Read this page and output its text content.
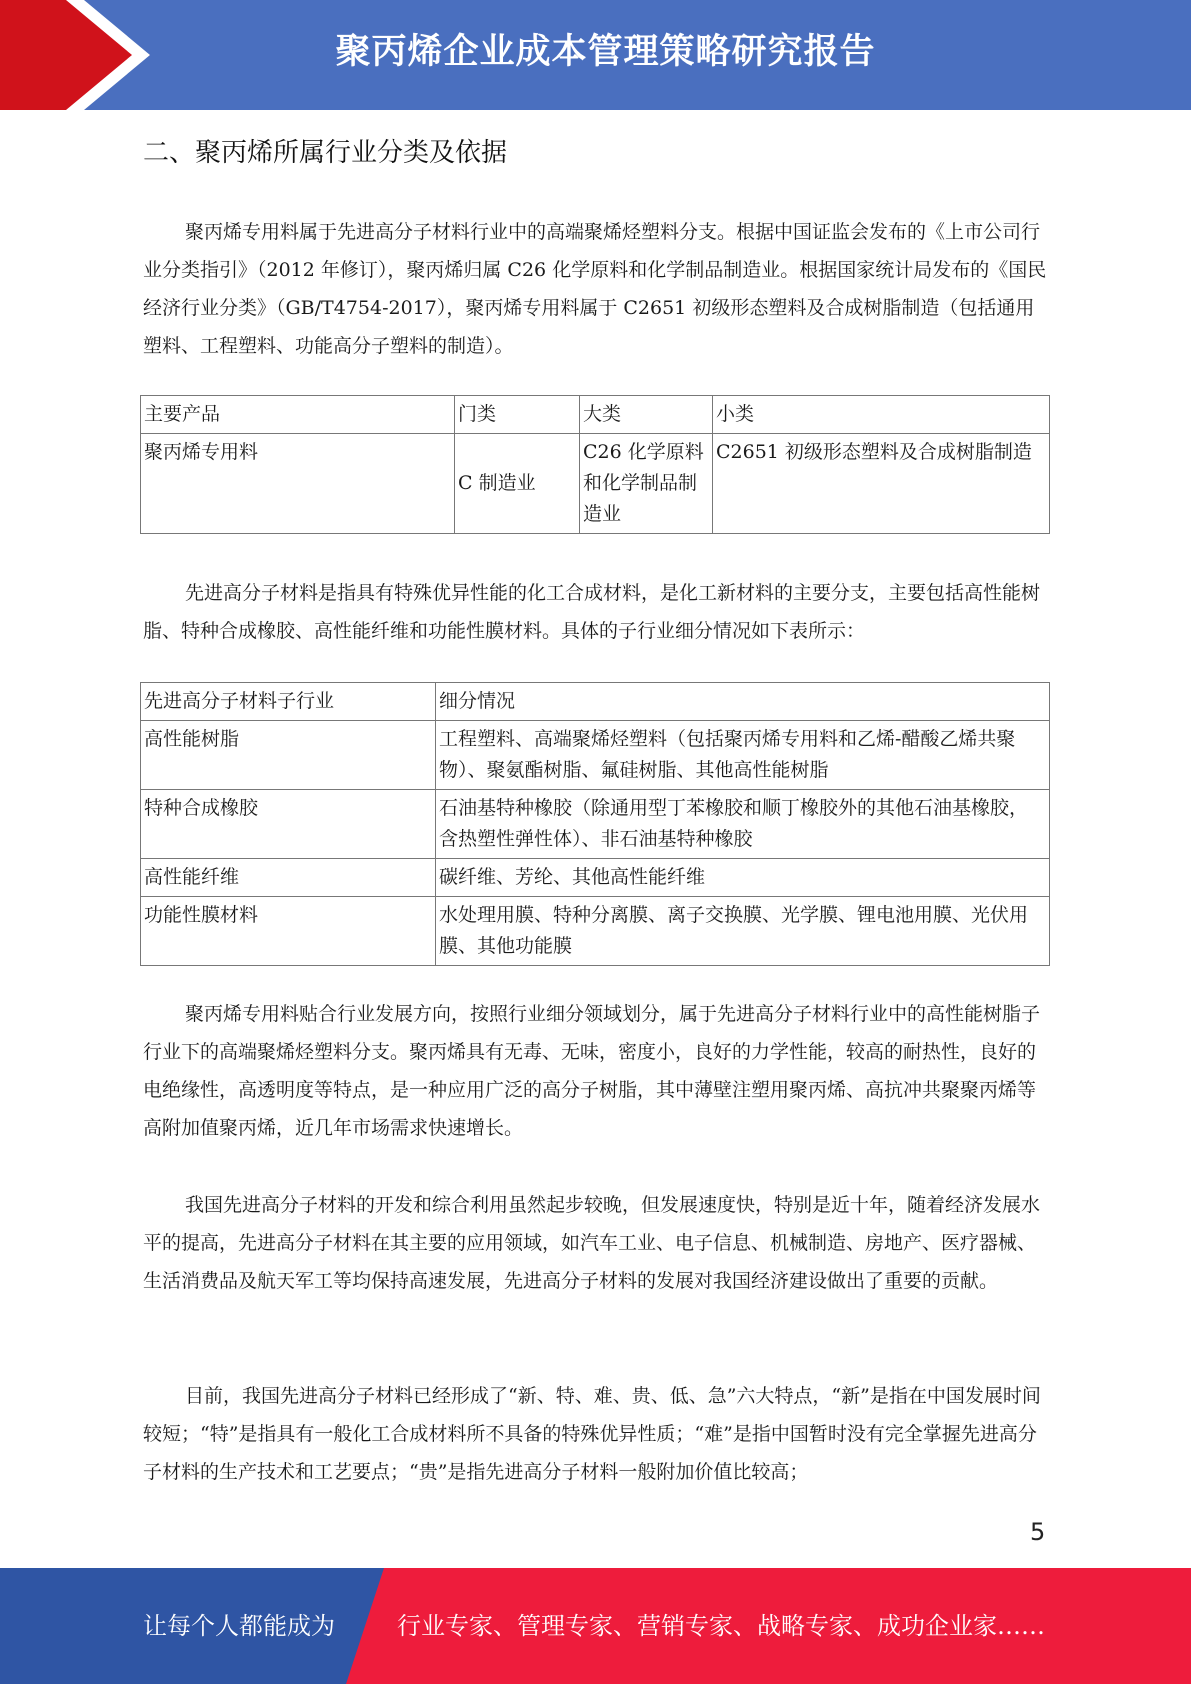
聚丙烯企业成本管理策略研究报告
二、聚丙烯所属行业分类及依据

聚丙烯专用料属于先进高分子材料行业中的高端聚烯烃塑料分支。根据中国证监会发布的《上市公司行业分类指引》（2012 年修订），聚丙烯归属 C26 化学原料和化学制品制造业。根据国家统计局发布的《国民经济行业分类》（GB/T4754-2017），聚丙烯专用料属于 C2651 初级形态塑料及合成树脂制造（包括通用塑料、工程塑料、功能高分子塑料的制造）。

主要产品	门类	大类	小类
聚丙烯专用料	C 制造业	C26 化学原料和化学制品制造业	C2651 初级形态塑料及合成树脂制造

先进高分子材料是指具有特殊优异性能的化工合成材料，是化工新材料的主要分支，主要包括高性能树脂、特种合成橡胶、高性能纤维和功能性膜材料。具体的子行业细分情况如下表所示：

先进高分子材料子行业	细分情况
高性能树脂	工程塑料、高端聚烯烃塑料（包括聚丙烯专用料和乙烯-醋酸乙烯共聚物）、聚氨酯树脂、氟硅树脂、其他高性能树脂
特种合成橡胶	石油基特种橡胶（除通用型丁苯橡胶和顺丁橡胶外的其他石油基橡胶，含热塑性弹性体）、非石油基特种橡胶
高性能纤维	碳纤维、芳纶、其他高性能纤维
功能性膜材料	水处理用膜、特种分离膜、离子交换膜、光学膜、锂电池用膜、光伏用膜、其他功能膜

聚丙烯专用料贴合行业发展方向，按照行业细分领域划分，属于先进高分子材料行业中的高性能树脂子行业下的高端聚烯烃塑料分支。聚丙烯具有无毒、无味，密度小，良好的力学性能，较高的耐热性，良好的电绝缘性，高透明度等特点，是一种应用广泛的高分子树脂，其中薄壁注塑用聚丙烯、高抗冲共聚聚丙烯等高附加值聚丙烯，近几年市场需求快速增长。

我国先进高分子材料的开发和综合利用虽然起步较晚，但发展速度快，特别是近十年，随着经济发展水平的提高，先进高分子材料在其主要的应用领域，如汽车工业、电子信息、机械制造、房地产、医疗器械、生活消费品及航天军工等均保持高速发展，先进高分子材料的发展对我国经济建设做出了重要的贡献。

目前，我国先进高分子材料已经形成了“新、特、难、贵、低、急”六大特点，“新”是指在中国发展时间较短；“特”是指具有一般化工合成材料所不具备的特殊优异性质；“难”是指中国暂时没有完全掌握先进高分子材料的生产技术和工艺要点；“贵”是指先进高分子材料一般附加价值比较高；

5
让每个人都能成为	行业专家、管理专家、营销专家、战略专家、成功企业家……
